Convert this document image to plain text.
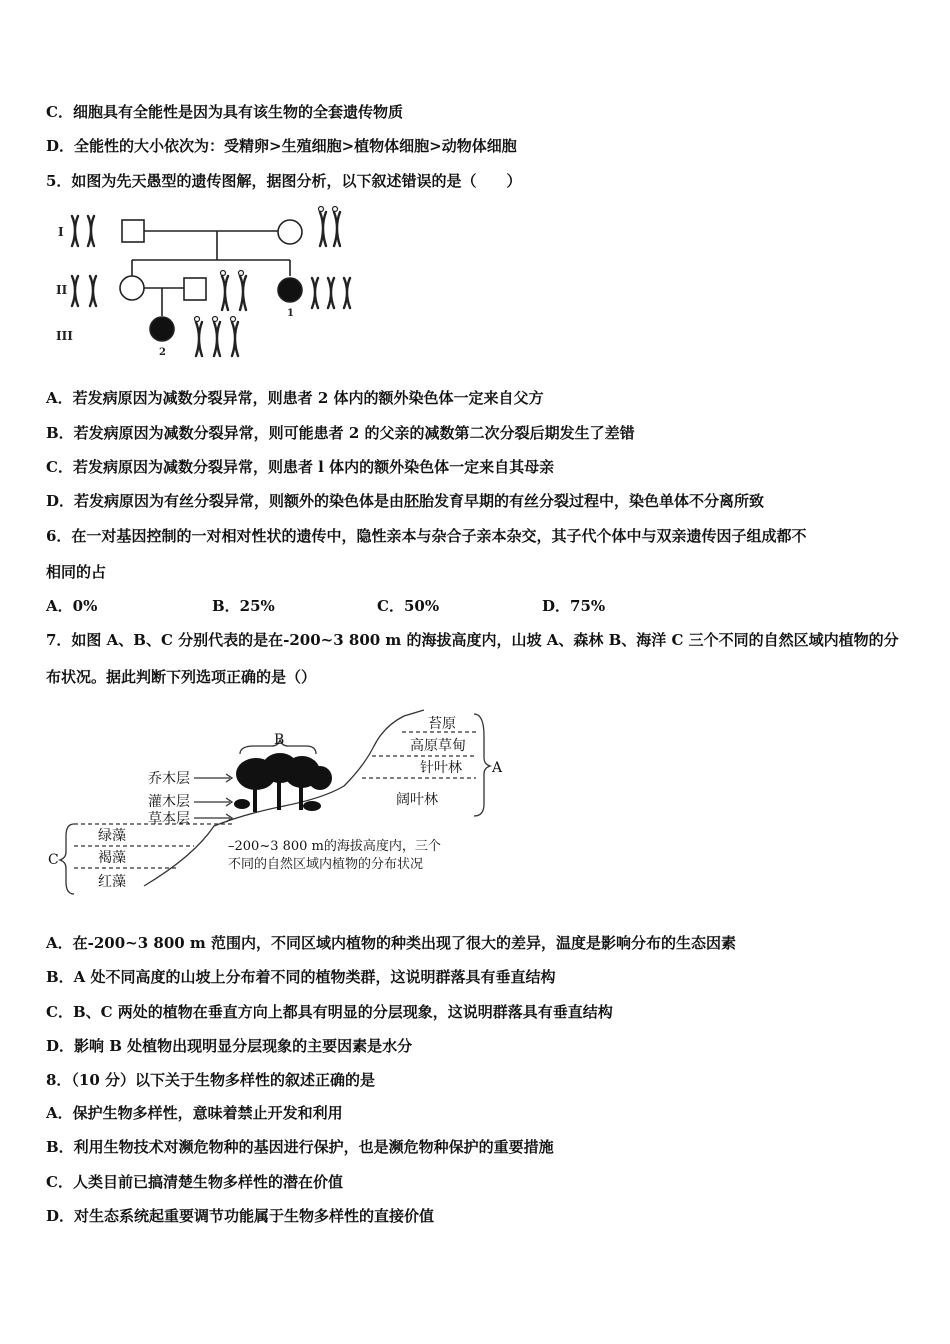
C．细胞具有全能性是因为具有该生物的全套遗传物质
D．全能性的大小依次为：受精卵>生殖细胞>植物体细胞>动物体细胞
5．如图为先天愚型的遗传图解，据图分析，以下叙述错误的是（　　）
I
II
III
1
2
A．若发病原因为减数分裂异常，则患者 2 体内的额外染色体一定来自父方
B．若发病原因为减数分裂异常，则可能患者 2 的父亲的减数第二次分裂后期发生了差错
C．若发病原因为减数分裂异常，则患者 l 体内的额外染色体一定来自其母亲
D．若发病原因为有丝分裂异常，则额外的染色体是由胚胎发育早期的有丝分裂过程中，染色单体不分离所致
6．在一对基因控制的一对相对性状的遗传中，隐性亲本与杂合子亲本杂交，其子代个体中与双亲遗传因子组成都不
相同的占
A．0%	B．25%	C．50%	D．75%
7．如图 A、B、C 分别代表的是在-200~3 800 m 的海拔高度内，山坡 A、森林 B、海洋 C 三个不同的自然区域内植物的分
布状况。据此判断下列选项正确的是（）
B
A
C
苔原
高原草甸
针叶林
阔叶林
乔木层
灌木层
草本层
绿藻
褐藻
红藻
–200~3 800 m的海拔高度内，三个
不同的自然区域内植物的分布状况
A．在-200~3 800 m 范围内，不同区域内植物的种类出现了很大的差异，温度是影响分布的生态因素
B．A 处不同高度的山坡上分布着不同的植物类群，这说明群落具有垂直结构
C．B、C 两处的植物在垂直方向上都具有明显的分层现象，这说明群落具有垂直结构
D．影响 B 处植物出现明显分层现象的主要因素是水分
8．（10 分）以下关于生物多样性的叙述正确的是
A．保护生物多样性，意味着禁止开发和利用
B．利用生物技术对濒危物种的基因进行保护，也是濒危物种保护的重要措施
C．人类目前已搞清楚生物多样性的潜在价值
D．对生态系统起重要调节功能属于生物多样性的直接价值
